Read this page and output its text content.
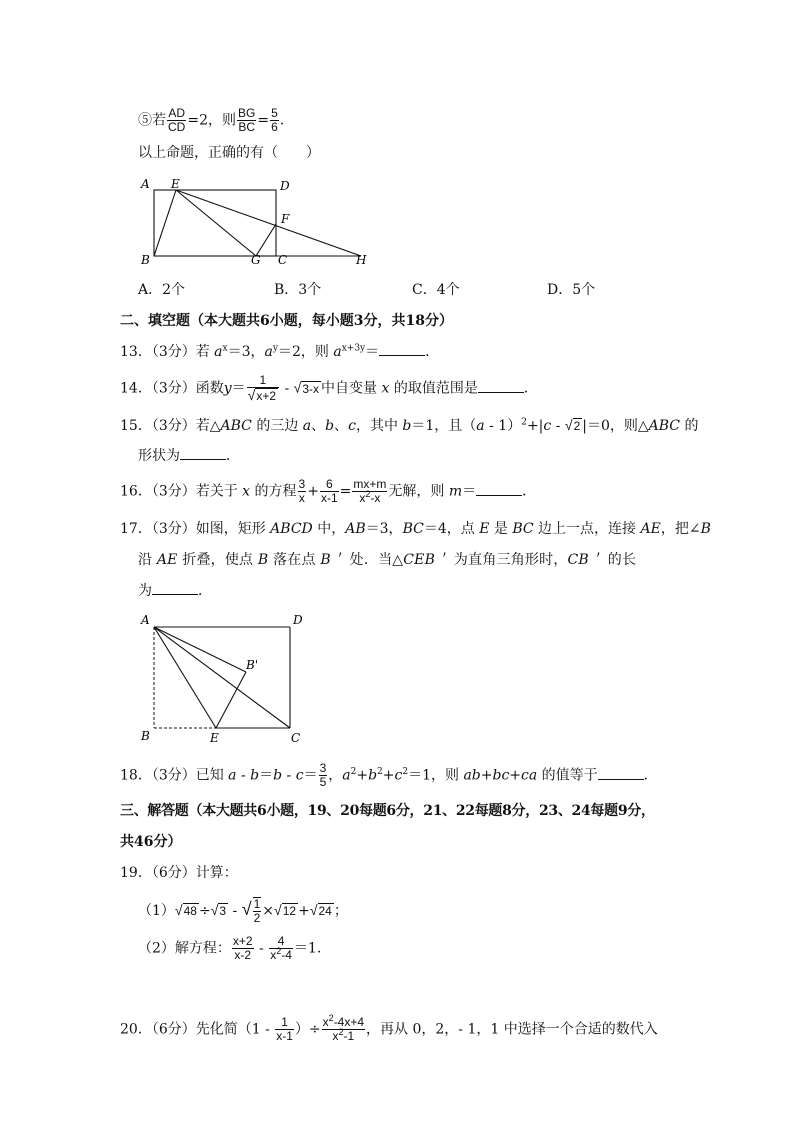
⑤若 $\frac{AD}{CD} =2$，则 $\frac{BG}{BC} = \frac{5}{6}$ .
以上命题，正确的有（　　）
A E	D
F
B	G C	H
A．2个	B．3个	C．4个	D．5个
二、填空题（本大题共6小题，每小题3分，共18分）
13．（3分）若 $a^x=3$，$a^y=2$，则 $a^{x+3y}=$	．
14．（3分）函数$y= \frac{1}{√x+2} - √3-x$ 中自变量 x 的取值范围是	．
15．（3分）若△ABC 的三边 a、b、c，其中 b＝1，且（a - 1）$^2$+|c - √2 |＝0，则△ABC 的
形状为	．
16．（3分）若关于 x 的方程 $\frac{3}{x} + \frac{6}{x-1} = \frac{mx+m}{x^2-x}$ 无解，则 m＝	．
17．（3分）如图，矩形 ABCD 中，AB＝3，BC＝4，点 E 是 BC 边上一点，连接 AE，把∠B
沿 AE 折叠，使点 B 落在点 B＇ 处．当△CEB＇ 为直角三角形时，CB＇ 的长
为	．
A	D
B'
B	E	C
18．（3分）已知 $a - b=b - c= \frac{3}{5}$ ，$a^2+b^2+c^2=1$，则 ab+bc+ca 的值等于	．
三、解答题（本大题共6小题，19、20每题6分，21、22每题8分，23、24每题9分，
共46分）
19．（6分）计算：
（1）√48 ÷√3 - √ $\frac{1}{2} \times√12 +√24$ ；
（2）解方程： $\frac{x+2}{x-2} - \frac{4}{x^2-4} =1$.
20．（6分）先化简（$1 - \frac{1}{x-1}$ ）÷ $\frac{x^2-4x+4}{x^2-1}$ ，再从 0，2，- 1，1 中选择一个合适的数代入
